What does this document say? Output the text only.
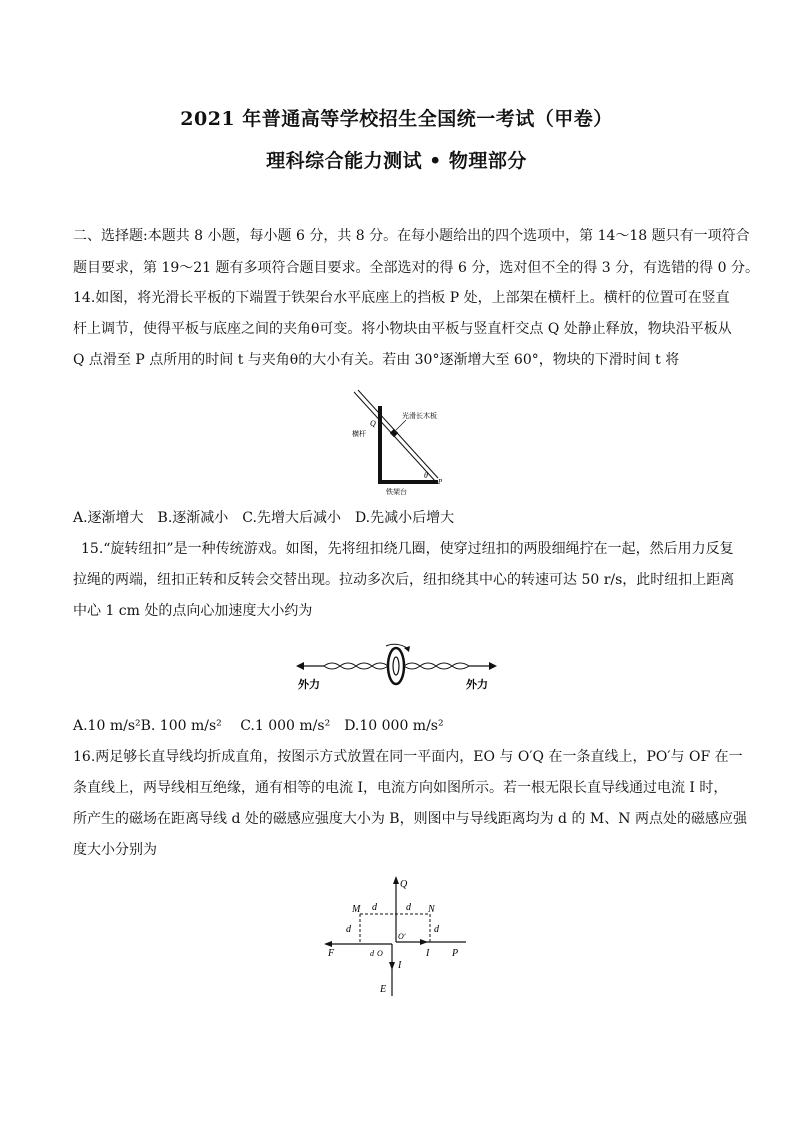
2021 年普通高等学校招生全国统一考试（甲卷）
理科综合能力测试 • 物理部分
二、选择题:本题共 8 小题，每小题 6 分，共 8 分。在每小题给出的四个选项中，第 14～18 题只有一项符合
题目要求，第 19～21 题有多项符合题目要求。全部选对的得 6 分，选对但不全的得 3 分，有选错的得 0 分。
14.如图，将光滑长平板的下端置于铁架台水平底座上的挡板 P 处，上部架在横杆上。横杆的位置可在竖直
杆上调节，使得平板与底座之间的夹角θ可变。将小物块由平板与竖直杆交点 Q 处静止释放，物块沿平板从
Q 点滑至 P 点所用的时间 t 与夹角θ的大小有关。若由 30°逐渐增大至 60°，物块的下滑时间 t 将
光滑长木板
横杆
铁架台
Q
P
θ
A.逐渐增大　B.逐渐减小　C.先增大后减小　D.先减小后增大
15.“旋转纽扣”是一种传统游戏。如图，先将纽扣绕几圈，使穿过纽扣的两股细绳拧在一起，然后用力反复
拉绳的两端，纽扣正转和反转会交替出现。拉动多次后，纽扣绕其中心的转速可达 50 r/s，此时纽扣上距离
中心 1 cm 处的点向心加速度大小约为
外力	外力
A.10 m/s²B. 100 m/s²　 C.1 000 m/s²　D.10 000 m/s²
16.两足够长直导线均折成直角，按图示方式放置在同一平面内，EO 与 O′Q 在一条直线上，PO′与 OF 在一
条直线上，两导线相互绝缘，通有相等的电流 I，电流方向如图所示。若一根无限长直导线通过电流 I 时，
所产生的磁场在距离导线 d 处的磁感应强度大小为 B，则图中与导线距离均为 d 的 M、N 两点处的磁感应强
度大小分别为
Q
M	N
d	d
d	d
O′
d O
F	P
I
I
E
